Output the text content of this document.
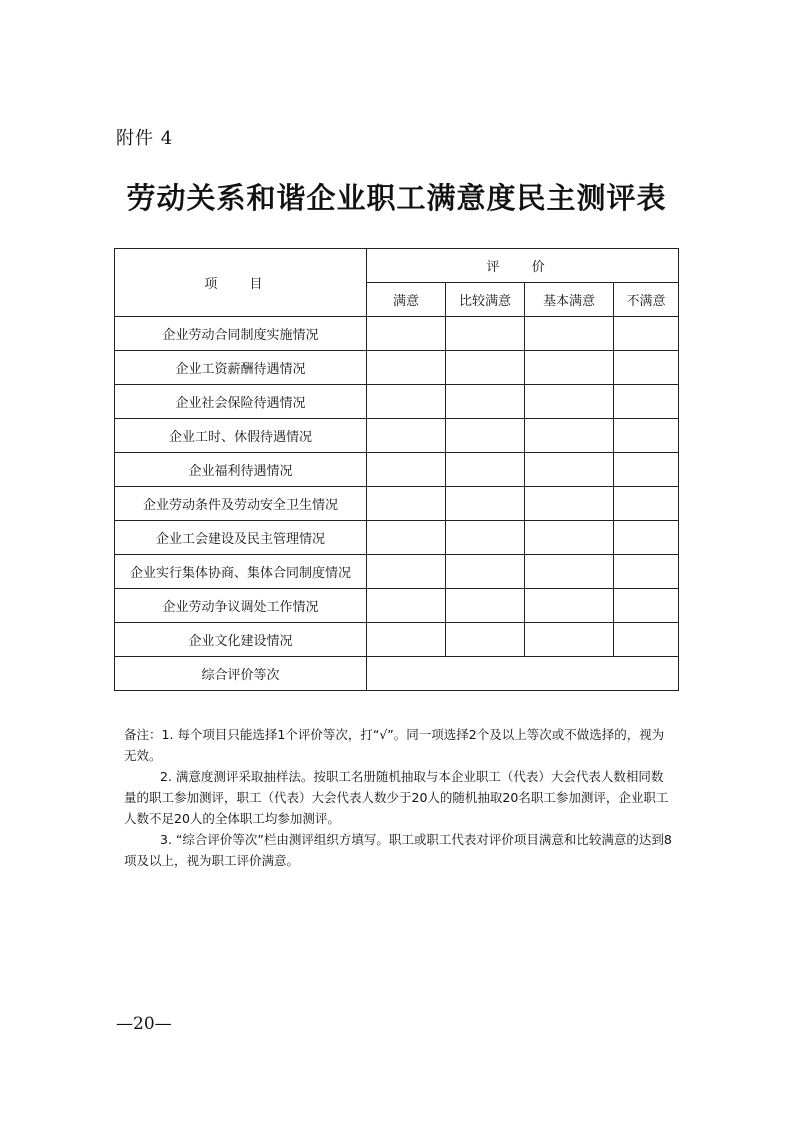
附件 4
劳动关系和谐企业职工满意度民主测评表
项 目	评 价			
	满意	比较满意	基本满意	不满意
企业劳动合同制度实施情况				
企业工资薪酬待遇情况				
企业社会保险待遇情况				
企业工时、休假待遇情况				
企业福利待遇情况				
企业劳动条件及劳动安全卫生情况				
企业工会建设及民主管理情况				
企业实行集体协商、集体合同制度情况				
企业劳动争议调处工作情况				
企业文化建设情况				
综合评价等次				

备注：1. 每个项目只能选择1个评价等次，打“√”。同一项选择2个及以上等次或不做选择的，视为无效。

2. 满意度测评采取抽样法。按职工名册随机抽取与本企业职工（代表）大会代表人数相同数量的职工参加测评，职工（代表）大会代表人数少于20人的随机抽取20名职工参加测评，企业职工人数不足20人的全体职工均参加测评。

3. “综合评价等次”栏由测评组织方填写。职工或职工代表对评价项目满意和比较满意的达到8项及以上，视为职工评价满意。

—20—
